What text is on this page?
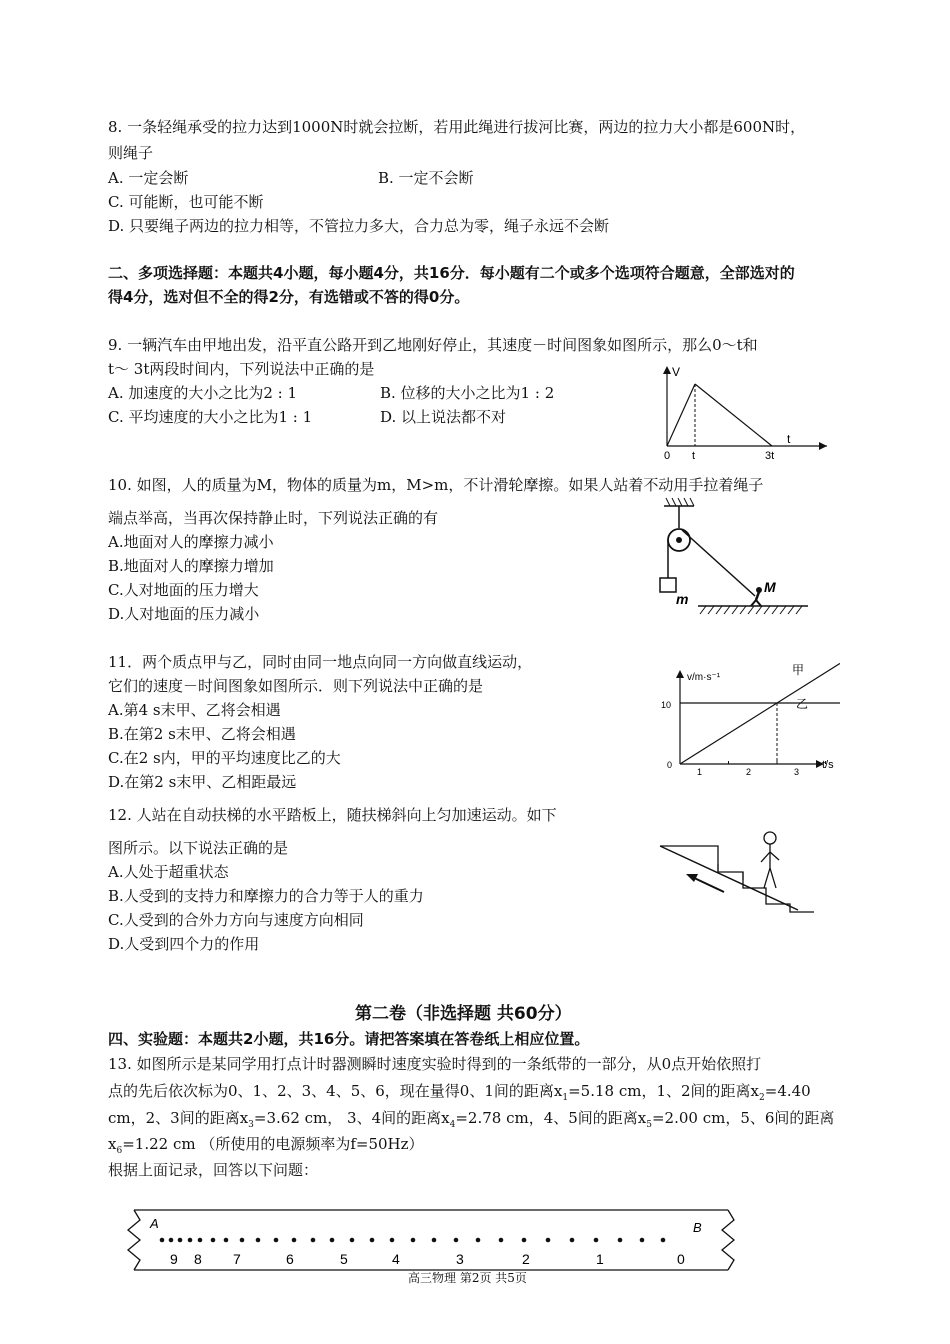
8. 一条轻绳承受的拉力达到1000N时就会拉断，若用此绳进行拔河比赛，两边的拉力大小都是600N时，
则绳子
A. 一定会断	B. 一定不会断
C. 可能断，也可能不断
D. 只要绳子两边的拉力相等，不管拉力多大，合力总为零，绳子永远不会断
二、多项选择题：本题共4小题，每小题4分，共16分．每小题有二个或多个选项符合题意，全部选对的
得4分，选对但不全的得2分，有选错或不答的得0分。
9. 一辆汽车由甲地出发，沿平直公路开到乙地刚好停止，其速度－时间图象如图所示，那么0～t和
t～ 3t两段时间内，下列说法中正确的是
A. 加速度的大小之比为2 : 1	B. 位移的大小之比为1 : 2
C. 平均速度的大小之比为1 : 1	D. 以上说法都不对
V
t
0 t	3t
10. 如图，人的质量为M，物体的质量为m，M>m，不计滑轮摩擦。如果人站着不动用手拉着绳子
端点举高，当再次保持静止时，下列说法正确的有
A.地面对人的摩擦力减小
B.地面对人的摩擦力增加
C.人对地面的压力增大
D.人对地面的压力减小
M
m
11．两个质点甲与乙，同时由同一地点向同一方向做直线运动，
它们的速度－时间图象如图所示．则下列说法中正确的是
A.第4 s末甲、乙将会相遇
B.在第2 s末甲、乙将会相遇
C.在2 s内，甲的平均速度比乙的大
D.在第2 s末甲、乙相距最远
v/m·s⁻¹
t/s
甲
乙
10
0
1	2	3
12. 人站在自动扶梯的水平踏板上，随扶梯斜向上匀加速运动。如下
图所示。以下说法正确的是
A.人处于超重状态
B.人受到的支持力和摩擦力的合力等于人的重力
C.人受到的合外力方向与速度方向相同
D.人受到四个力的作用
第二卷（非选择题 共60分）
四、实验题：本题共2小题，共16分。请把答案填在答卷纸上相应位置。
13. 如图所示是某同学用打点计时器测瞬时速度实验时得到的一条纸带的一部分，从0点开始依照打
点的先后依次标为0、1、2、3、4、5、6，现在量得0、1间的距离$x_1=5.18$ cm，1、2间的距离$x_2=4.40$
cm，2、3间的距离$x_3=3.62$ cm， 3、4间的距离$x_4=2.78$ cm，4、5间的距离$x_5=2.00$ cm，5、6间的距离
$x_6=1.22$ cm （所使用的电源频率为f=50Hz）
根据上面记录，回答以下问题：
A	B
9 8 7	6	5	4	3	2	1	0
高三物理 第2页 共5页
